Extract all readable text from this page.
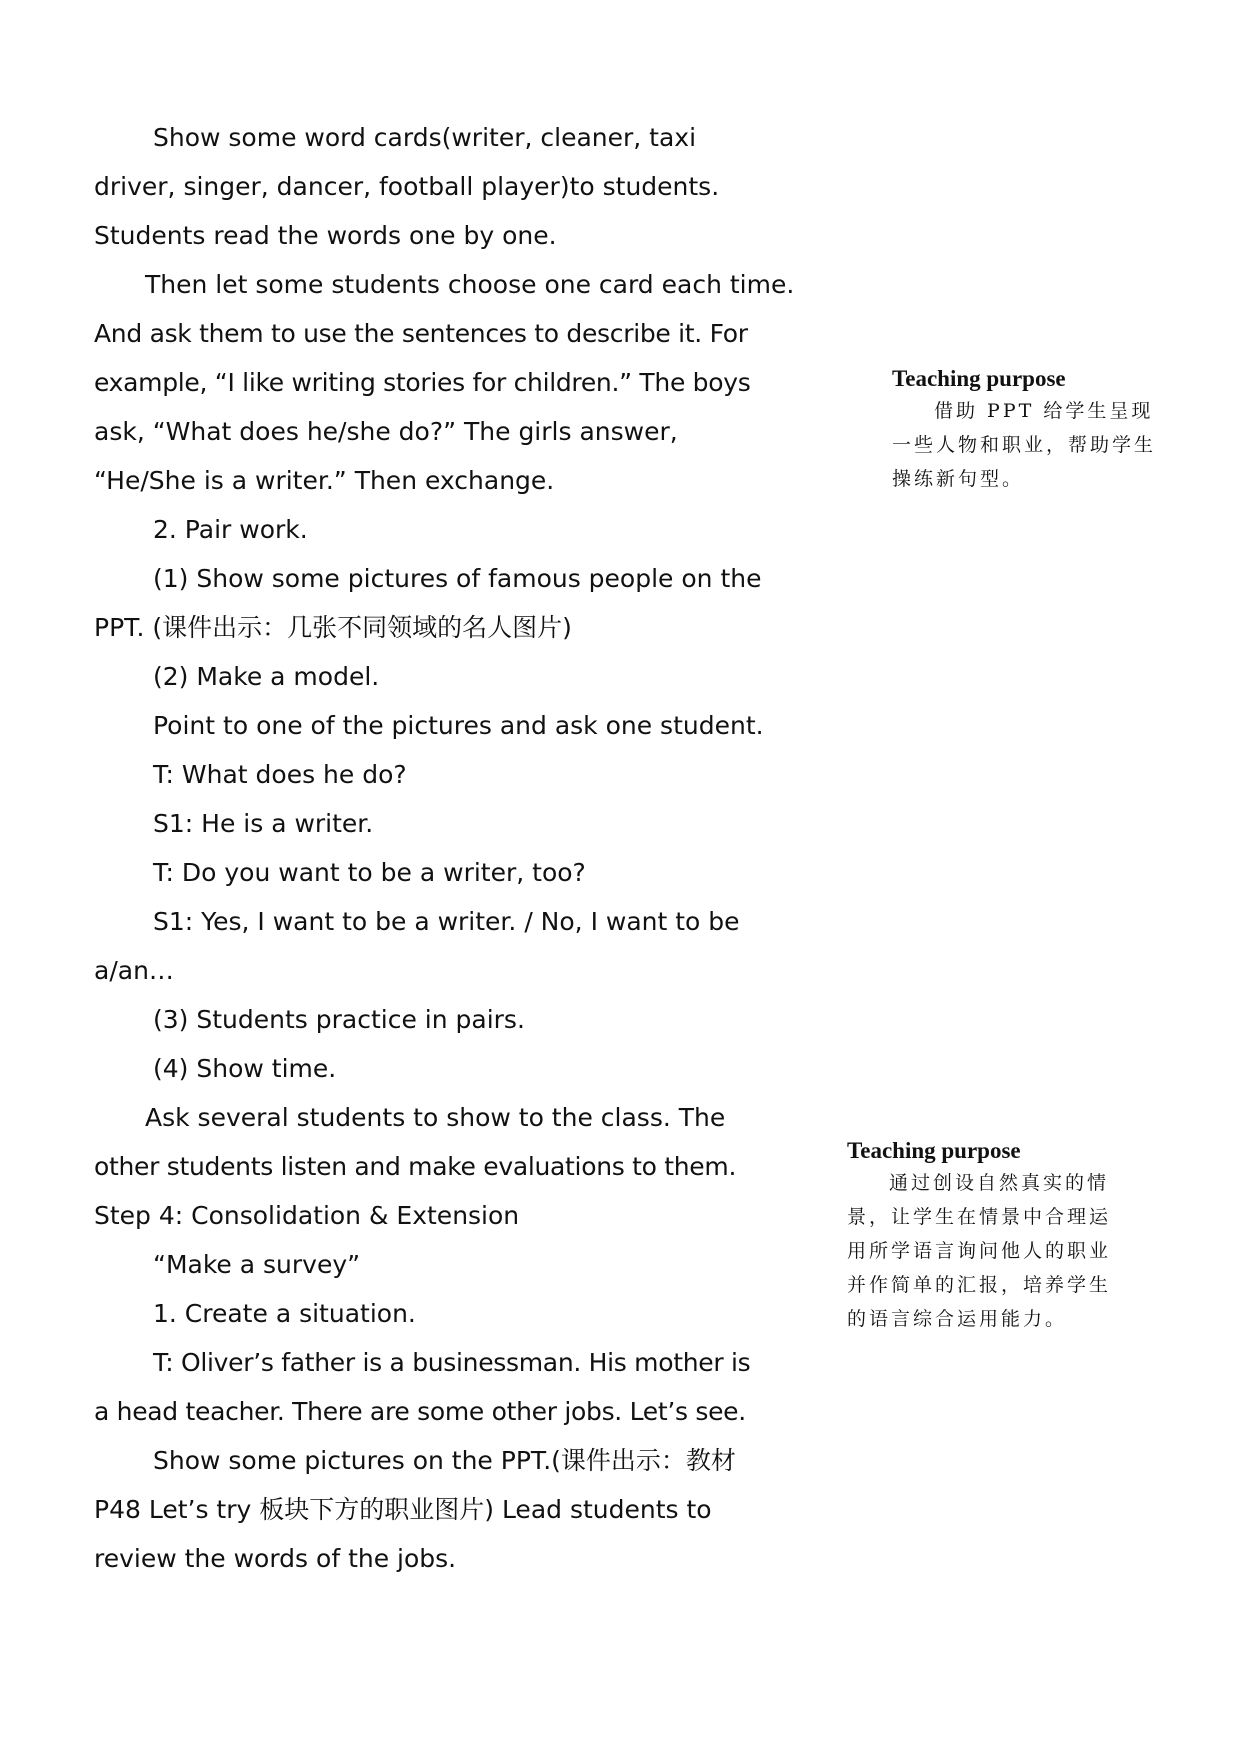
Show some word cards(writer, cleaner, taxi
driver, singer, dancer, football player)to students.
Students read the words one by one.
Then let some students choose one card each time.
And ask them to use the sentences to describe it. For
example, “I like writing stories for children.” The boys
ask, “What does he/she do?” The girls answer,
“He/She is a writer.” Then exchange.
2. Pair work.
(1) Show some pictures of famous people on the
PPT. (课件出示：几张不同领域的名人图片)
(2) Make a model.
Point to one of the pictures and ask one student.
T: What does he do?
S1: He is a writer.
T: Do you want to be a writer, too?
S1: Yes, I want to be a writer. / No, I want to be
a/an…
(3) Students practice in pairs.
(4) Show time.
Ask several students to show to the class. The
other students listen and make evaluations to them.
Step 4: Consolidation & Extension
“Make a survey”
1. Create a situation.
T: Oliver’s father is a businessman. His mother is
a head teacher. There are some other jobs. Let’s see.
Show some pictures on the PPT.(课件出示：教材
P48 Let’s try 板块下方的职业图片) Lead students to
review the words of the jobs.
Teaching purpose
借助 PPT 给学生呈现一些人物和职业，帮助学生操练新句型。
Teaching purpose
通过创设自然真实的情景，让学生在情景中合理运用所学语言询问他人的职业并作简单的汇报，培养学生的语言综合运用能力。
